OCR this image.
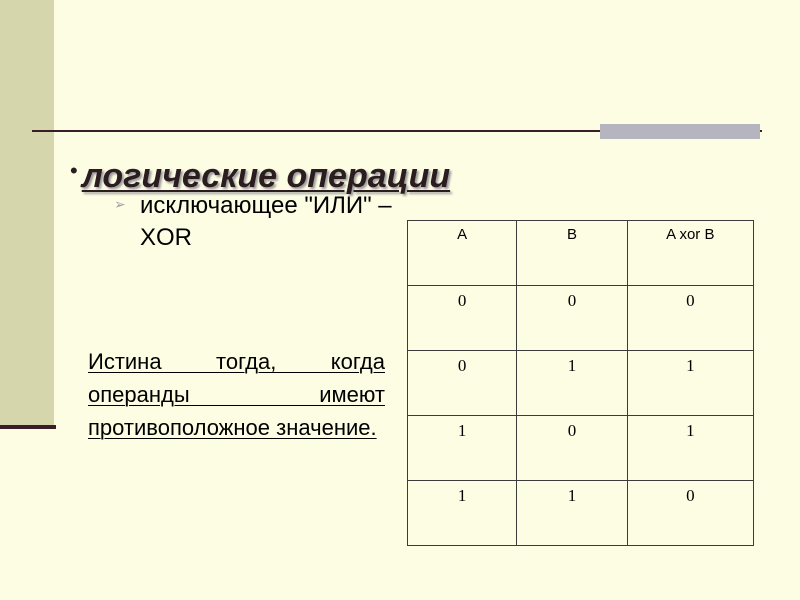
исключающее "ИЛИ" –XOR
➢
• логические операции
Истина тогда, когда операнды имеют противоположное значение.
A	B	A xor B
0	0	0
0	1	1
1	0	1
1	1	0
